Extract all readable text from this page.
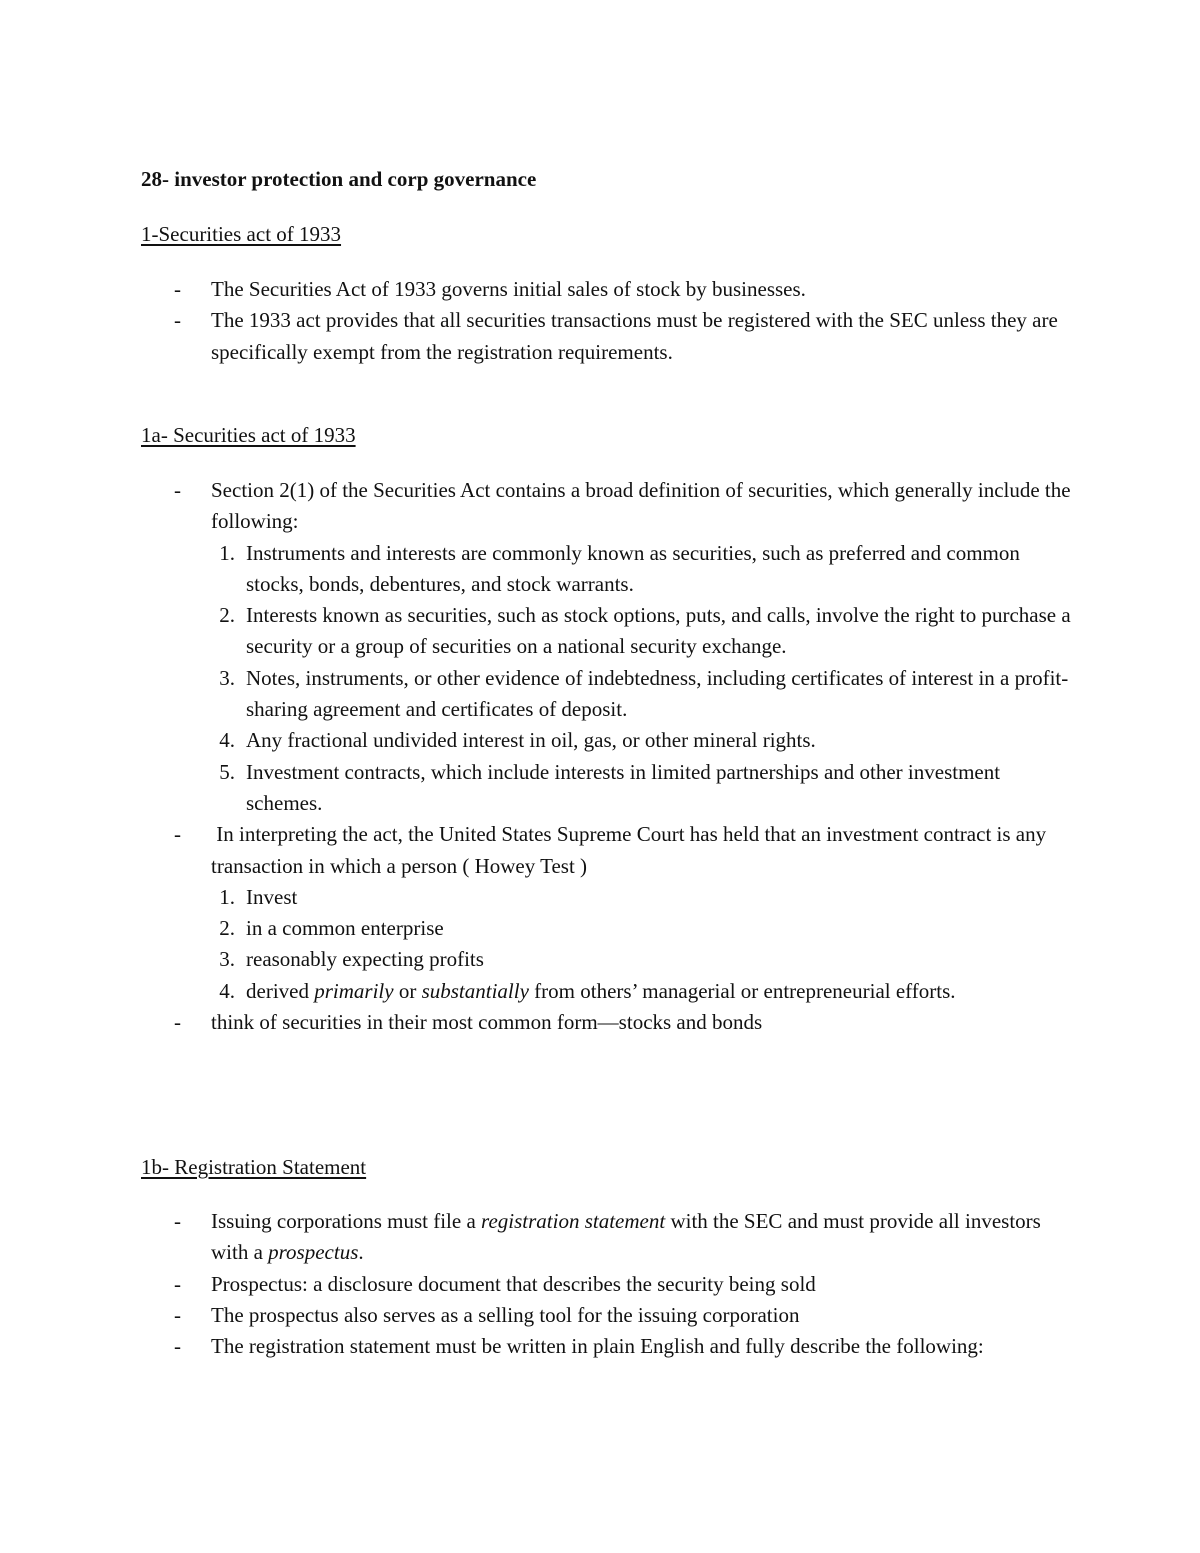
28- investor protection and corp governance
1-Securities act of 1933
-	The Securities Act of 1933 governs initial sales of stock by businesses.
-	The 1933 act provides that all securities transactions must be registered with the SEC unless they are specifically exempt from the registration requirements.
1a- Securities act of 1933
-	Section 2(1) of the Securities Act contains a broad definition of securities, which generally include the following:
1. Instruments and interests are commonly known as securities, such as preferred and common stocks, bonds, debentures, and stock warrants.
2. Interests known as securities, such as stock options, puts, and calls, involve the right to purchase a security or a group of securities on a national security exchange.
3. Notes, instruments, or other evidence of indebtedness, including certificates of interest in a profit-sharing agreement and certificates of deposit.
4. Any fractional undivided interest in oil, gas, or other mineral rights.
5. Investment contracts, which include interests in limited partnerships and other investment schemes.
-	In interpreting the act, the United States Supreme Court has held that an investment contract is any transaction in which a person ( Howey Test )
1. Invest
2. in a common enterprise
3. reasonably expecting profits
4. derived primarily or substantially from others’ managerial or entrepreneurial efforts.
-	think of securities in their most common form—stocks and bonds
1b- Registration Statement
-	Issuing corporations must file a registration statement with the SEC and must provide all investors with a prospectus.
-	Prospectus: a disclosure document that describes the security being sold
-	The prospectus also serves as a selling tool for the issuing corporation
-	The registration statement must be written in plain English and fully describe the following:
